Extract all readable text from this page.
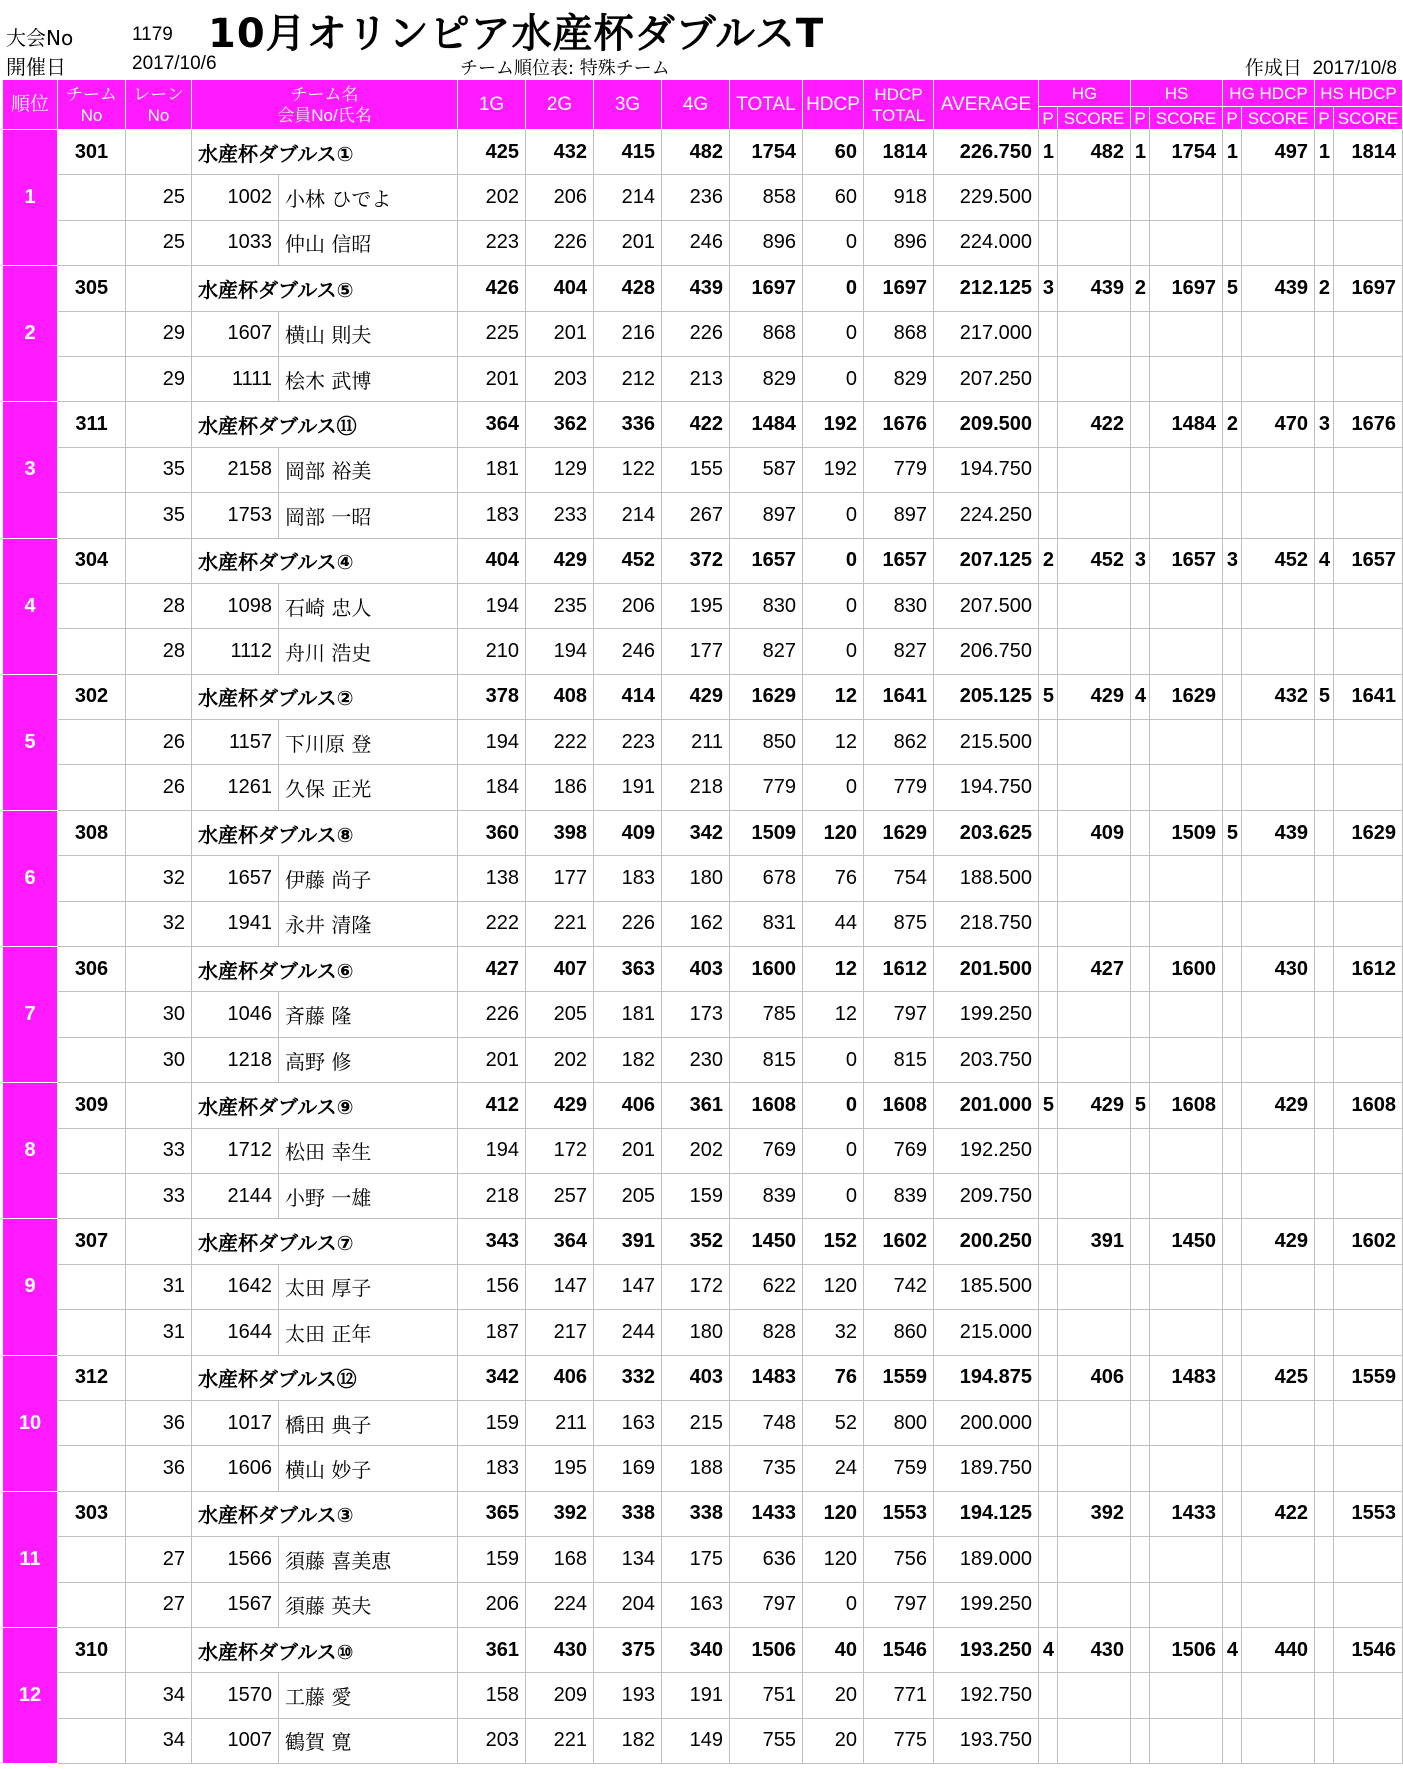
大会No	1179
開催日	2017/10/6
10月オリンピア水産杯ダブルスT
チーム順位表: 特殊チーム	作成日 2017/10/8
順位	チーム
No	レーン
No	チーム名
会員No/氏名		1G	2G	3G	4G	TOTAL	HDCP	HDCP
TOTAL	AVERAGE	HG		HS		HG HDCP		HS HDCP	
													P	SCORE	P	SCORE	P	SCORE	P	SCORE
1	301		水産杯ダブルス①		425	432	415	482	1754	60	1814	226.750	1	482	1	1754	1	497	1	1814
		25	1002	小林 ひでよ	202	206	214	236	858	60	918	229.500								
		25	1033	仲山 信昭	223	226	201	246	896	0	896	224.000								
2	305		水産杯ダブルス⑤		426	404	428	439	1697	0	1697	212.125	3	439	2	1697	5	439	2	1697
		29	1607	横山 則夫	225	201	216	226	868	0	868	217.000								
		29	1111	桧木 武博	201	203	212	213	829	0	829	207.250								
3	311		水産杯ダブルス⑪		364	362	336	422	1484	192	1676	209.500		422		1484	2	470	3	1676
		35	2158	岡部 裕美	181	129	122	155	587	192	779	194.750								
		35	1753	岡部 一昭	183	233	214	267	897	0	897	224.250								
4	304		水産杯ダブルス④		404	429	452	372	1657	0	1657	207.125	2	452	3	1657	3	452	4	1657
		28	1098	石崎 忠人	194	235	206	195	830	0	830	207.500								
		28	1112	舟川 浩史	210	194	246	177	827	0	827	206.750								
5	302		水産杯ダブルス②		378	408	414	429	1629	12	1641	205.125	5	429	4	1629		432	5	1641
		26	1157	下川原 登	194	222	223	211	850	12	862	215.500								
		26	1261	久保 正光	184	186	191	218	779	0	779	194.750								
6	308		水産杯ダブルス⑧		360	398	409	342	1509	120	1629	203.625		409		1509	5	439		1629
		32	1657	伊藤 尚子	138	177	183	180	678	76	754	188.500								
		32	1941	永井 清隆	222	221	226	162	831	44	875	218.750								
7	306		水産杯ダブルス⑥		427	407	363	403	1600	12	1612	201.500		427		1600		430		1612
		30	1046	斉藤 隆	226	205	181	173	785	12	797	199.250								
		30	1218	高野 修	201	202	182	230	815	0	815	203.750								
8	309		水産杯ダブルス⑨		412	429	406	361	1608	0	1608	201.000	5	429	5	1608		429		1608
		33	1712	松田 幸生	194	172	201	202	769	0	769	192.250								
		33	2144	小野 一雄	218	257	205	159	839	0	839	209.750								
9	307		水産杯ダブルス⑦		343	364	391	352	1450	152	1602	200.250		391		1450		429		1602
		31	1642	太田 厚子	156	147	147	172	622	120	742	185.500								
		31	1644	太田 正年	187	217	244	180	828	32	860	215.000								
10	312		水産杯ダブルス⑫		342	406	332	403	1483	76	1559	194.875		406		1483		425		1559
		36	1017	橋田 典子	159	211	163	215	748	52	800	200.000								
		36	1606	横山 妙子	183	195	169	188	735	24	759	189.750								
11	303		水産杯ダブルス③		365	392	338	338	1433	120	1553	194.125		392		1433		422		1553
		27	1566	須藤 喜美恵	159	168	134	175	636	120	756	189.000								
		27	1567	須藤 英夫	206	224	204	163	797	0	797	199.250								
12	310		水産杯ダブルス⑩		361	430	375	340	1506	40	1546	193.250	4	430		1506	4	440		1546
		34	1570	工藤 愛	158	209	193	191	751	20	771	192.750								
		34	1007	鶴賀 寛	203	221	182	149	755	20	775	193.750								
